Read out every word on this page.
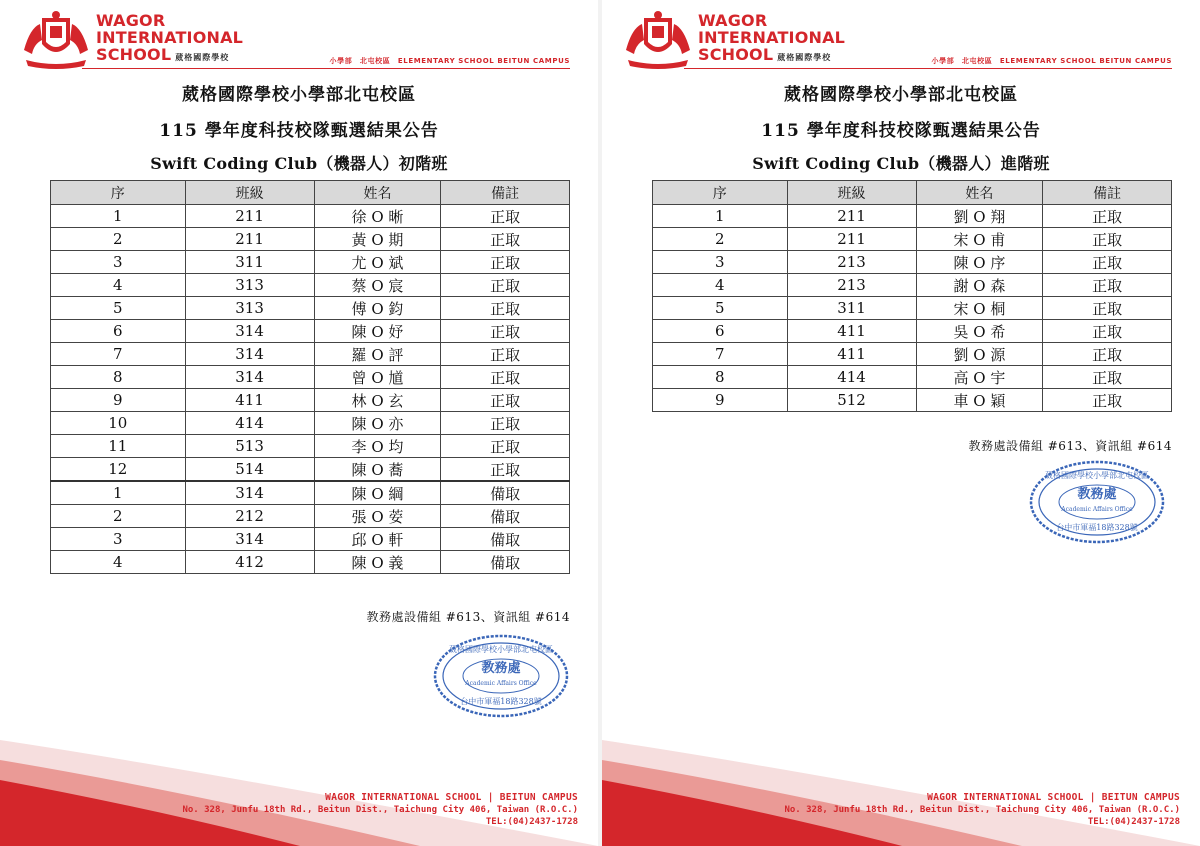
WAGOR
INTERNATIONAL
SCHOOL 葳格國際學校	小學部　北屯校區　ELEMENTARY SCHOOL BEITUN CAMPUS
葳格國際學校小學部北屯校區
115 學年度科技校隊甄選結果公告
Swift Coding Club（機器人）初階班
序	班級	姓名	備註
1	211	徐 O 晰	正取
2	211	黃 O 期	正取
3	311	尤 O 斌	正取
4	313	蔡 O 宸	正取
5	313	傅 O 鈞	正取
6	314	陳 O 妤	正取
7	314	羅 O 評	正取
8	314	曾 O 馗	正取
9	411	林 O 玄	正取
10	414	陳 O 亦	正取
11	513	李 O 均	正取
12	514	陳 O 蕎	正取
1	314	陳 O 綱	備取
2	212	張 O 荌	備取
3	314	邱 O 軒	備取
4	412	陳 O 義	備取
教務處設備組 #613、資訊組 #614
葳格國際學校小學部北屯校區
教務處
Academic Affairs Office
台中市軍福18路328號
WAGOR INTERNATIONAL SCHOOL | BEITUN CAMPUS
No. 328, Junfu 18th Rd., Beitun Dist., Taichung City 406, Taiwan (R.O.C.)
TEL:(04)2437-1728
WAGOR
INTERNATIONAL
SCHOOL 葳格國際學校	小學部　北屯校區　ELEMENTARY SCHOOL BEITUN CAMPUS
葳格國際學校小學部北屯校區
115 學年度科技校隊甄選結果公告
Swift Coding Club（機器人）進階班
序	班級	姓名	備註
1	211	劉 O 翔	正取
2	211	宋 O 甫	正取
3	213	陳 O 序	正取
4	213	謝 O 森	正取
5	311	宋 O 桐	正取
6	411	吳 O 希	正取
7	411	劉 O 源	正取
8	414	高 O 宇	正取
9	512	車 O 穎	正取
教務處設備組 #613、資訊組 #614
葳格國際學校小學部北屯校區
教務處
Academic Affairs Office
台中市軍福18路328號
WAGOR INTERNATIONAL SCHOOL | BEITUN CAMPUS
No. 328, Junfu 18th Rd., Beitun Dist., Taichung City 406, Taiwan (R.O.C.)
TEL:(04)2437-1728
